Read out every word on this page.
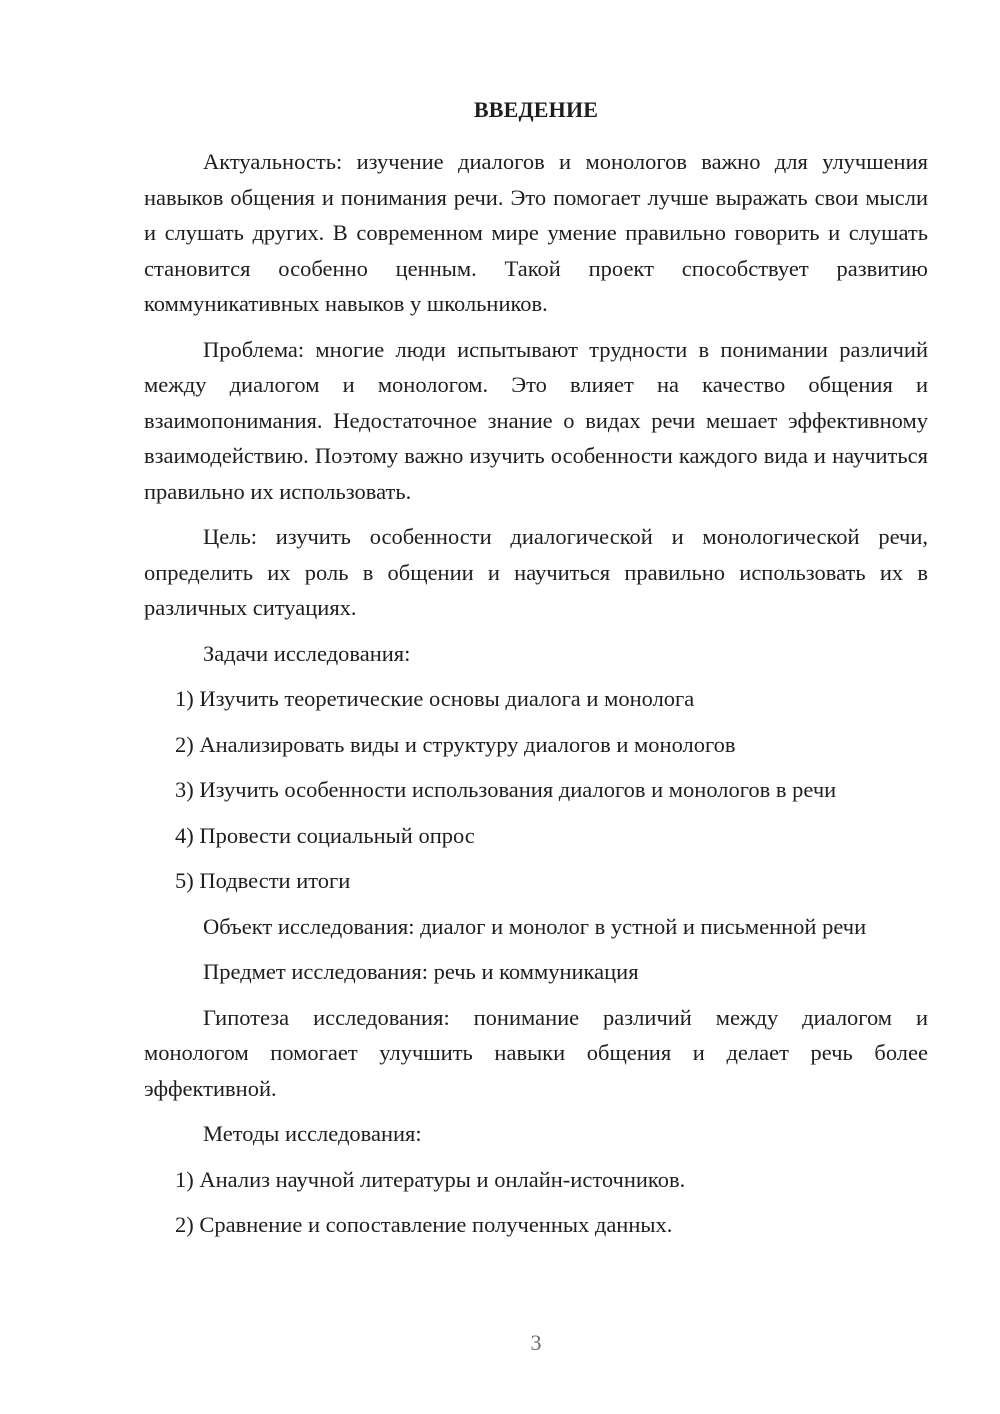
ВВЕДЕНИЕ

Актуальность: изучение диалогов и монологов важно для улучшения навыков общения и понимания речи. Это помогает лучше выражать свои мысли и слушать других. В современном мире умение правильно говорить и слушать становится особенно ценным. Такой проект способствует развитию коммуникативных навыков у школьников.

Проблема: многие люди испытывают трудности в понимании различий между диалогом и монологом. Это влияет на качество общения и взаимопонимания. Недостаточное знание о видах речи мешает эффективному взаимодействию. Поэтому важно изучить особенности каждого вида и научиться правильно их использовать.

Цель: изучить особенности диалогической и монологической речи, определить их роль в общении и научиться правильно использовать их в различных ситуациях.

Задачи исследования:

1) Изучить теоретические основы диалога и монолога

2) Анализировать виды и структуру диалогов и монологов

3) Изучить особенности использования диалогов и монологов в речи

4) Провести социальный опрос

5) Подвести итоги

Объект исследования: диалог и монолог в устной и письменной речи

Предмет исследования: речь и коммуникация

Гипотеза исследования: понимание различий между диалогом и монологом помогает улучшить навыки общения и делает речь более эффективной.

Методы исследования:

1) Анализ научной литературы и онлайн-источников.

2) Сравнение и сопоставление полученных данных.

3
